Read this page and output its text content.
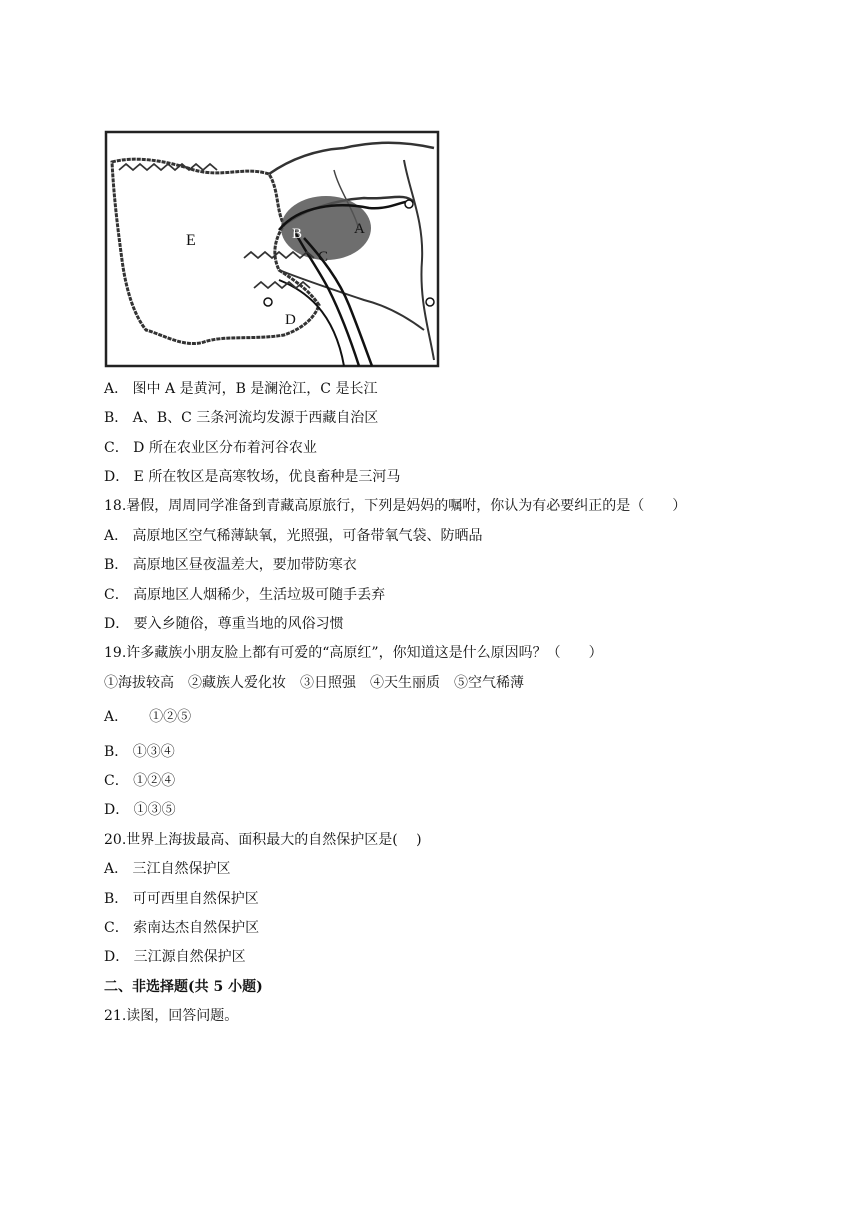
E	B	A
C
D
A． 图中 A 是黄河，B 是澜沧江，C 是长江
B． A、B、C 三条河流均发源于西藏自治区
C． D 所在农业区分布着河谷农业
D． E 所在牧区是高寒牧场，优良畜种是三河马
18.暑假，周周同学准备到青藏高原旅行，下列是妈妈的嘱咐，你认为有必要纠正的是（　　）
A． 高原地区空气稀薄缺氧，光照强，可备带氧气袋、防晒品
B． 高原地区昼夜温差大，要加带防寒衣
C． 高原地区人烟稀少，生活垃圾可随手丢弃
D． 要入乡随俗，尊重当地的风俗习惯
19.许多藏族小朋友脸上都有可爱的“高原红”，你知道这是什么原因吗？（　　）
①海拔较高　②藏族人爱化妆　③日照强　④天生丽质　⑤空气稀薄
A．　　①②⑤
B． ①③④
C． ①②④
D． ①③⑤
20.世界上海拔最高、面积最大的自然保护区是(　 )
A． 三江自然保护区
B． 可可西里自然保护区
C． 索南达杰自然保护区
D． 三江源自然保护区
二、非选择题(共 5 小题)
21.读图，回答问题。
